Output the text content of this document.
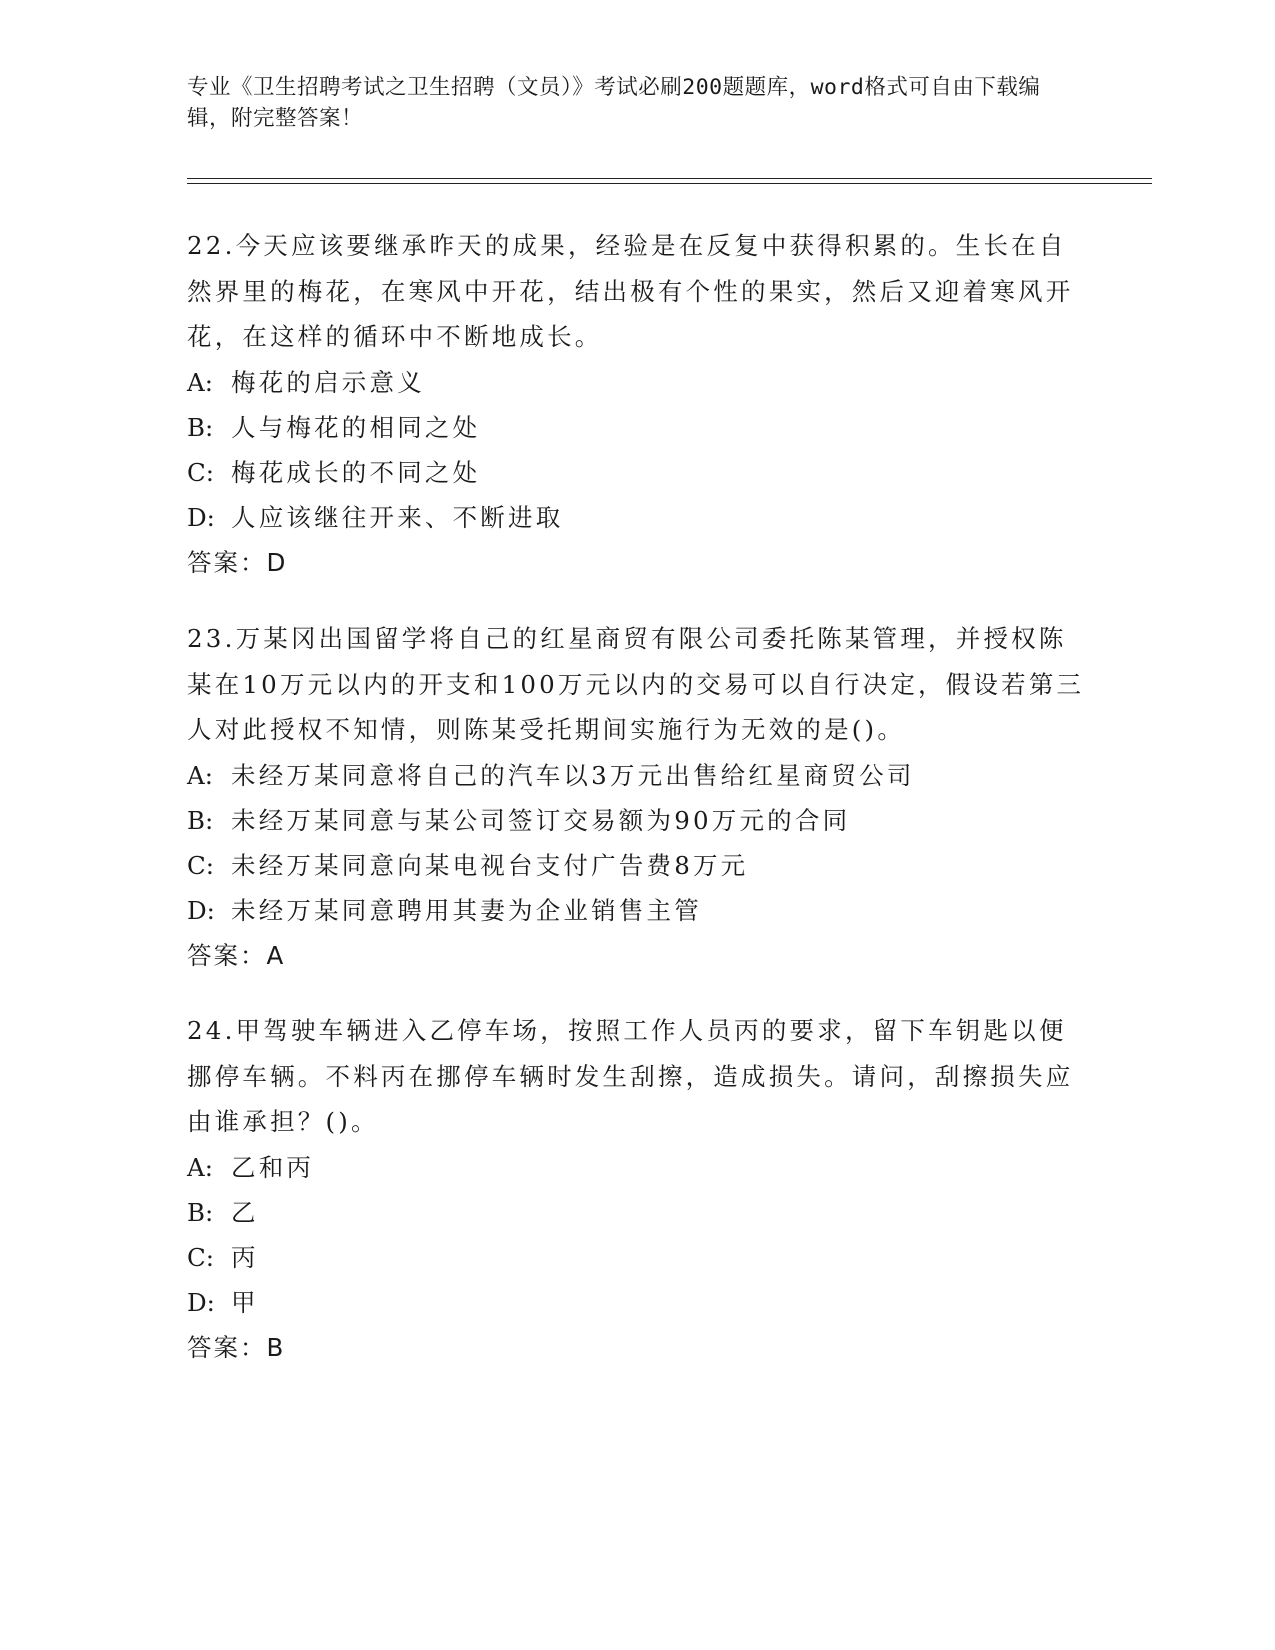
专业《卫生招聘考试之卫生招聘（文员）》考试必刷200题题库，word格式可自由下载编辑，附完整答案！
22.今天应该要继承昨天的成果，经验是在反复中获得积累的。生长在自然界里的梅花，在寒风中开花，结出极有个性的果实，然后又迎着寒风开花，在这样的循环中不断地成长。
A: 梅花的启示意义
B: 人与梅花的相同之处
C: 梅花成长的不同之处
D: 人应该继往开来、不断进取
答案：D
23.万某冈出国留学将自己的红星商贸有限公司委托陈某管理，并授权陈某在10万元以内的开支和100万元以内的交易可以自行决定，假设若第三人对此授权不知情，则陈某受托期间实施行为无效的是()。
A: 未经万某同意将自己的汽车以3万元出售给红星商贸公司
B: 未经万某同意与某公司签订交易额为90万元的合同
C: 未经万某同意向某电视台支付广告费8万元
D: 未经万某同意聘用其妻为企业销售主管
答案：A
24.甲驾驶车辆进入乙停车场，按照工作人员丙的要求，留下车钥匙以便挪停车辆。不料丙在挪停车辆时发生刮擦，造成损失。请问，刮擦损失应由谁承担？()。
A: 乙和丙
B: 乙
C: 丙
D: 甲
答案：B
